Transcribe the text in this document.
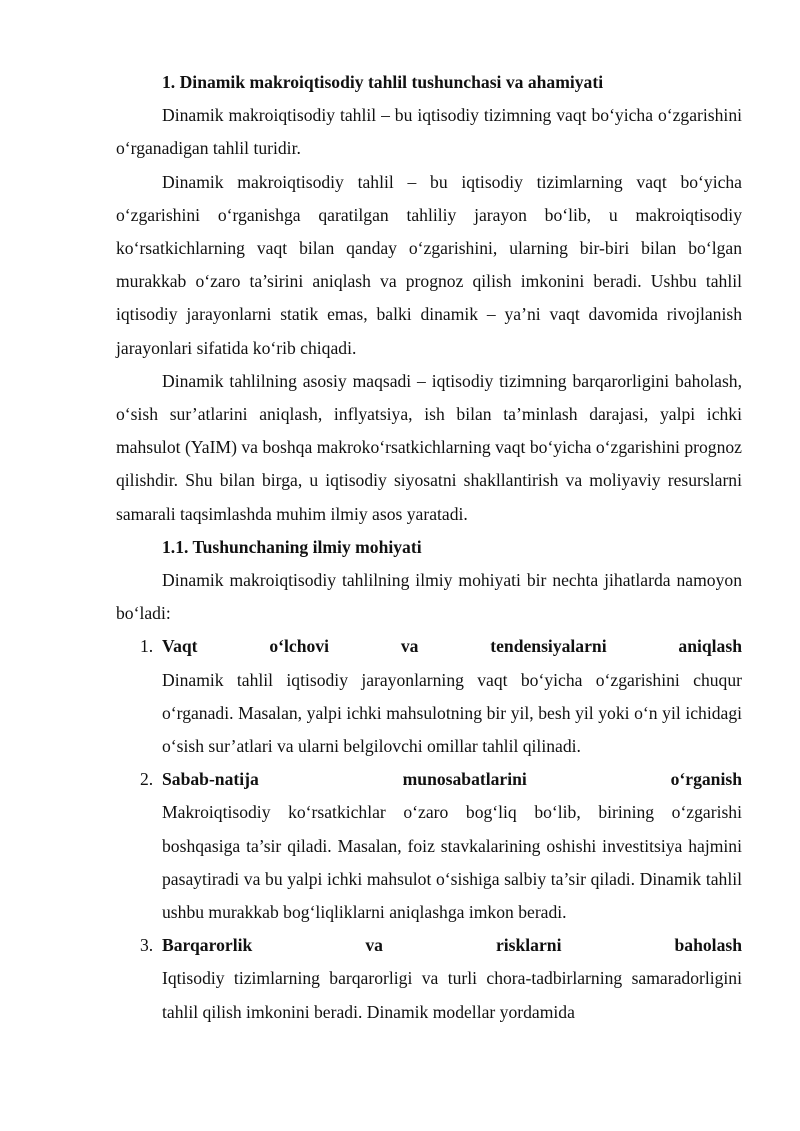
1. Dinamik makroiqtisodiy tahlil tushunchasi va ahamiyati

Dinamik makroiqtisodiy tahlil – bu iqtisodiy tizimning vaqt bo‘yicha o‘zgarishini o‘rganadigan tahlil turidir.

Dinamik makroiqtisodiy tahlil – bu iqtisodiy tizimlarning vaqt bo‘yicha o‘zgarishini o‘rganishga qaratilgan tahliliy jarayon bo‘lib, u makroiqtisodiy ko‘rsatkichlarning vaqt bilan qanday o‘zgarishini, ularning bir-biri bilan bo‘lgan murakkab o‘zaro ta’sirini aniqlash va prognoz qilish imkonini beradi. Ushbu tahlil iqtisodiy jarayonlarni statik emas, balki dinamik – ya’ni vaqt davomida rivojlanish jarayonlari sifatida ko‘rib chiqadi.

Dinamik tahlilning asosiy maqsadi – iqtisodiy tizimning barqarorligini baholash, o‘sish sur’atlarini aniqlash, inflyatsiya, ish bilan ta’minlash darajasi, yalpi ichki mahsulot (YaIM) va boshqa makroko‘rsatkichlarning vaqt bo‘yicha o‘zgarishini prognoz qilishdir. Shu bilan birga, u iqtisodiy siyosatni shakllantirish va moliyaviy resurslarni samarali taqsimlashda muhim ilmiy asos yaratadi.

1.1. Tushunchaning ilmiy mohiyati

Dinamik makroiqtisodiy tahlilning ilmiy mohiyati bir nechta jihatlarda namoyon bo‘ladi:

1. Vaqt o‘lchovi va tendensiyalarni aniqlash

Dinamik tahlil iqtisodiy jarayonlarning vaqt bo‘yicha o‘zgarishini chuqur o‘rganadi. Masalan, yalpi ichki mahsulotning bir yil, besh yil yoki o‘n yil ichidagi o‘sish sur’atlari va ularni belgilovchi omillar tahlil qilinadi.

2. Sabab-natija munosabatlarini o‘rganish

Makroiqtisodiy ko‘rsatkichlar o‘zaro bog‘liq bo‘lib, birining o‘zgarishi boshqasiga ta’sir qiladi. Masalan, foiz stavkalarining oshishi investitsiya hajmini pasaytiradi va bu yalpi ichki mahsulot o‘sishiga salbiy ta’sir qiladi. Dinamik tahlil ushbu murakkab bog‘liqliklarni aniqlashga imkon beradi.

3. Barqarorlik va risklarni baholash

Iqtisodiy tizimlarning barqarorligi va turli chora-tadbirlarning samaradorligini tahlil qilish imkonini beradi. Dinamik modellar yordamida
